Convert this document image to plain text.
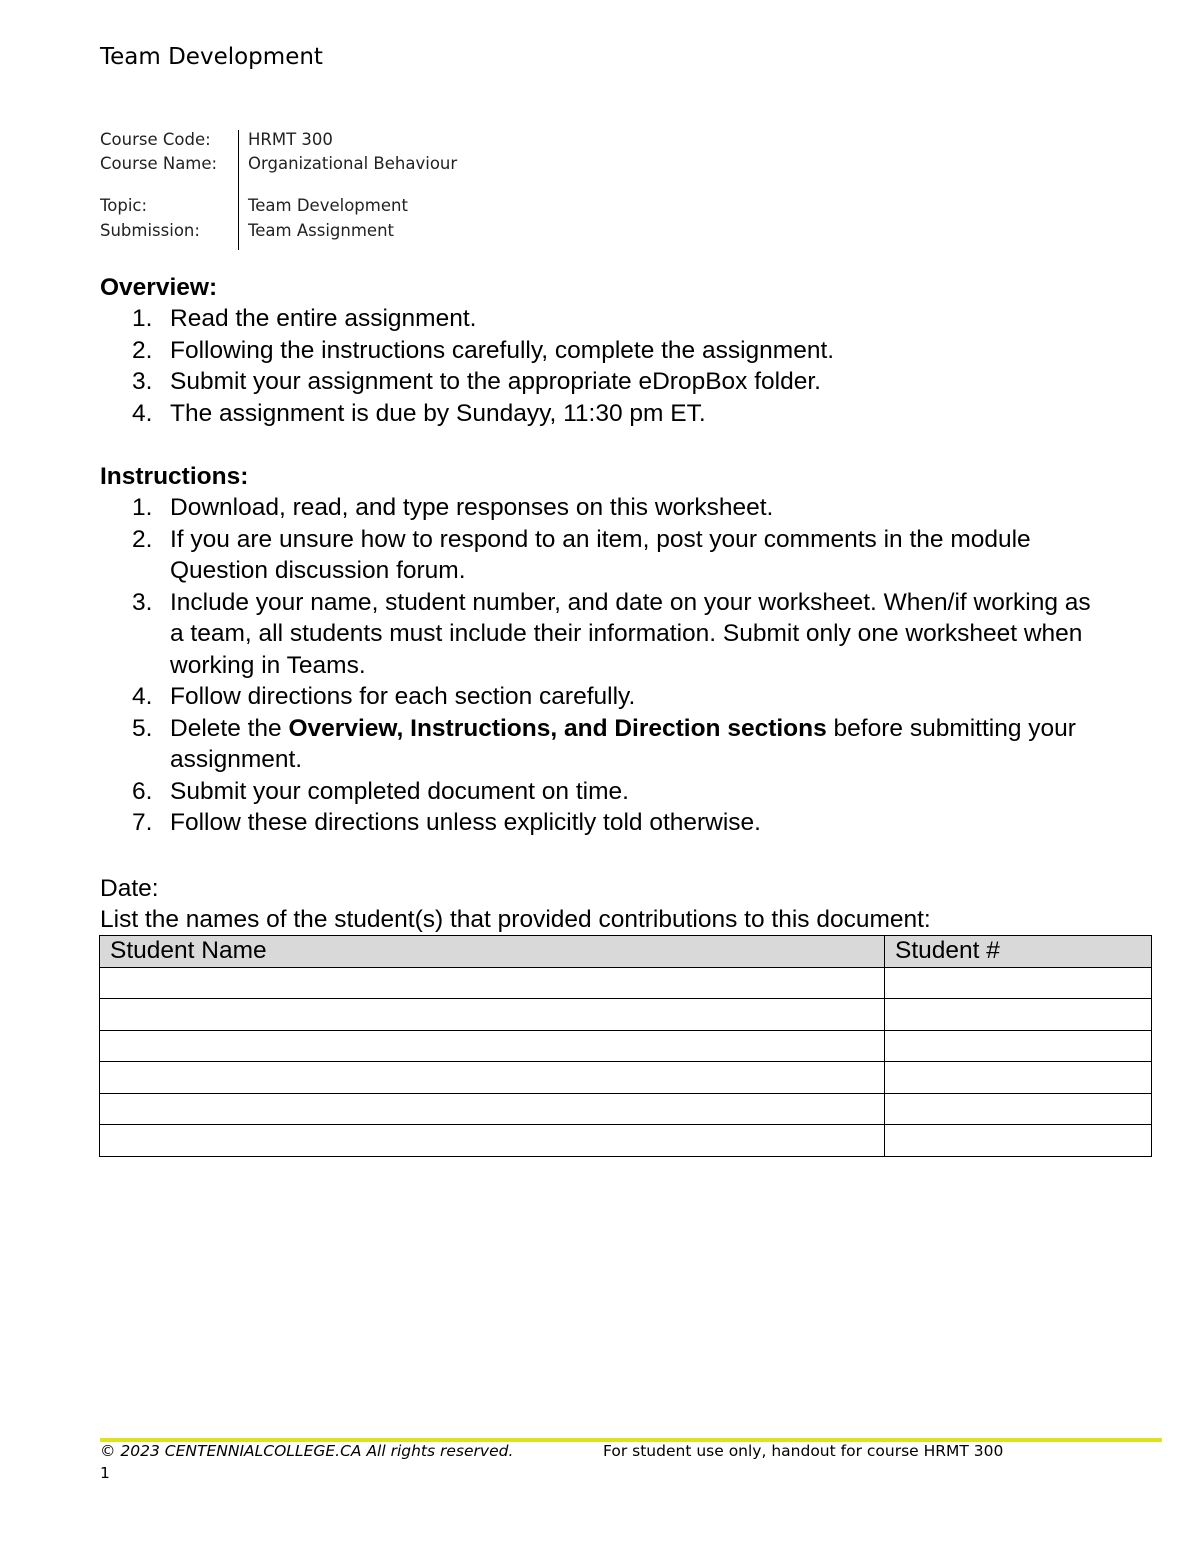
Team Development
Course Code:	HRMT 300
Course Name:	Organizational Behaviour
Topic:	Team Development
Submission:	Team Assignment
Overview:
1. Read the entire assignment.
2. Following the instructions carefully, complete the assignment.
3. Submit your assignment to the appropriate eDropBox folder.
4. The assignment is due by Sundayy, 11:30 pm ET.
Instructions:
1. Download, read, and type responses on this worksheet.
2. If you are unsure how to respond to an item, post your comments in the module Question discussion forum.
3. Include your name, student number, and date on your worksheet. When/if working as a team, all students must include their information. Submit only one worksheet when working in Teams.
4. Follow directions for each section carefully.
5. Delete the Overview, Instructions, and Direction sections before submitting your assignment.
6. Submit your completed document on time.
7. Follow these directions unless explicitly told otherwise.
Date:
List the names of the student(s) that provided contributions to this document:
Student Name	Student #

© 2023 CENTENNIALCOLLEGE.CA All rights reserved.	For student use only, handout for course HRMT 300
1
